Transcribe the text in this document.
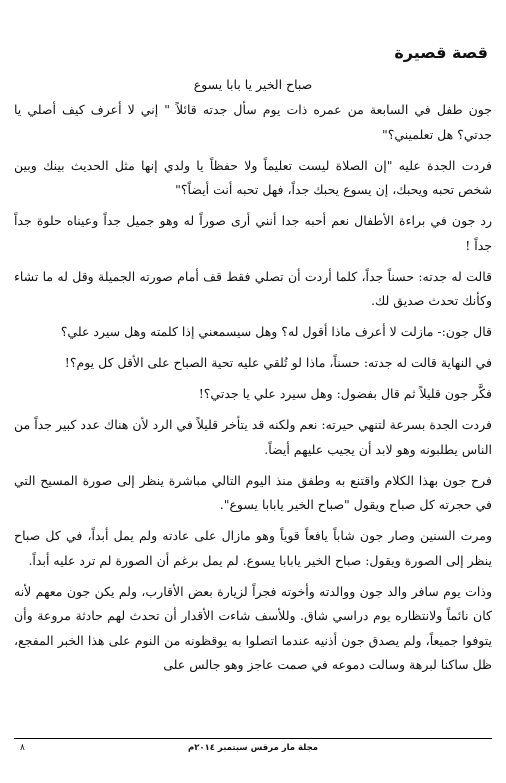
قصة قصيرة

صباح الخير يا بابا يسوع

جون طفل في السابعة من عمره ذات يوم سأل جدته قائلاً " إني لا أعرف كيف أصلي يا جدتي؟ هل تعلميني؟"

فردت الجدة عليه "إن الصلاة ليست تعليماً ولا حفظاً يا ولدي إنها مثل الحديث بينك وبين شخص تحبه ويحبك، إن يسوع يحبك جداً، فهل تحبه أنت أيضاً؟"

رد جون في براءة الأطفال نعم أحبه جدا أنني أرى صوراً له وهو جميل جداً وعيناه حلوة جداً جداً !

قالت له جدته: حسناً جداً، كلما أردت أن تصلي فقط قف أمام صورته الجميلة وقل له ما تشاء وكأنك تحدث صديق لك.

قال جون:- مازلت لا أعرف ماذا أقول له؟ وهل سيسمعني إذا كلمته وهل سيرد علي؟

في النهاية قالت له جدته: حسناً، ماذا لو تُلقي عليه تحية الصباح على الأقل كل يوم؟!

فكَّر جون قليلاً ثم قال بفضول: وهل سيرد علي يا جدتي؟!

فردت الجدة بسرعة لتنهي حيرته: نعم ولكنه قد يتأخر قليلاً في الرد لأن هناك عدد كبير جداً من الناس يطلبونه وهو لابد أن يجيب عليهم أيضاً.

فرح جون بهذا الكلام واقتنع به وطفق منذ اليوم التالي مباشرة ينظر إلى صورة المسيح التي في حجرته كل صباح ويقول "صباح الخير يابابا يسوع".

ومرت السنين وصار جون شاباً يافعاً قوياً وهو مازال على عادته ولم يمل أبداً، في كل صباح ينظر إلى الصورة ويقول: صباح الخير يابابا يسوع. لم يمل برغم أن الصورة لم ترد عليه أبداً.

وذات يوم سافر والد جون ووالدته وأخوته فجراً لزيارة بعض الأقارب، ولم يكن جون معهم لأنه كان نائماً ولانتظاره يوم دراسي شاق. وللأسف شاءت الأقدار أن تحدث لهم حادثة مروعة وأن يتوفوا جميعاً، ولم يصدق جون أذنيه عندما اتصلوا به يوقظونه من النوم على هذا الخبر المفجع، ظل ساكنا لبرهة وسالت دموعه في صمت عاجز وهو جالس على

مجلة مار مرقس سبتمبر ٢٠١٤م
٨
